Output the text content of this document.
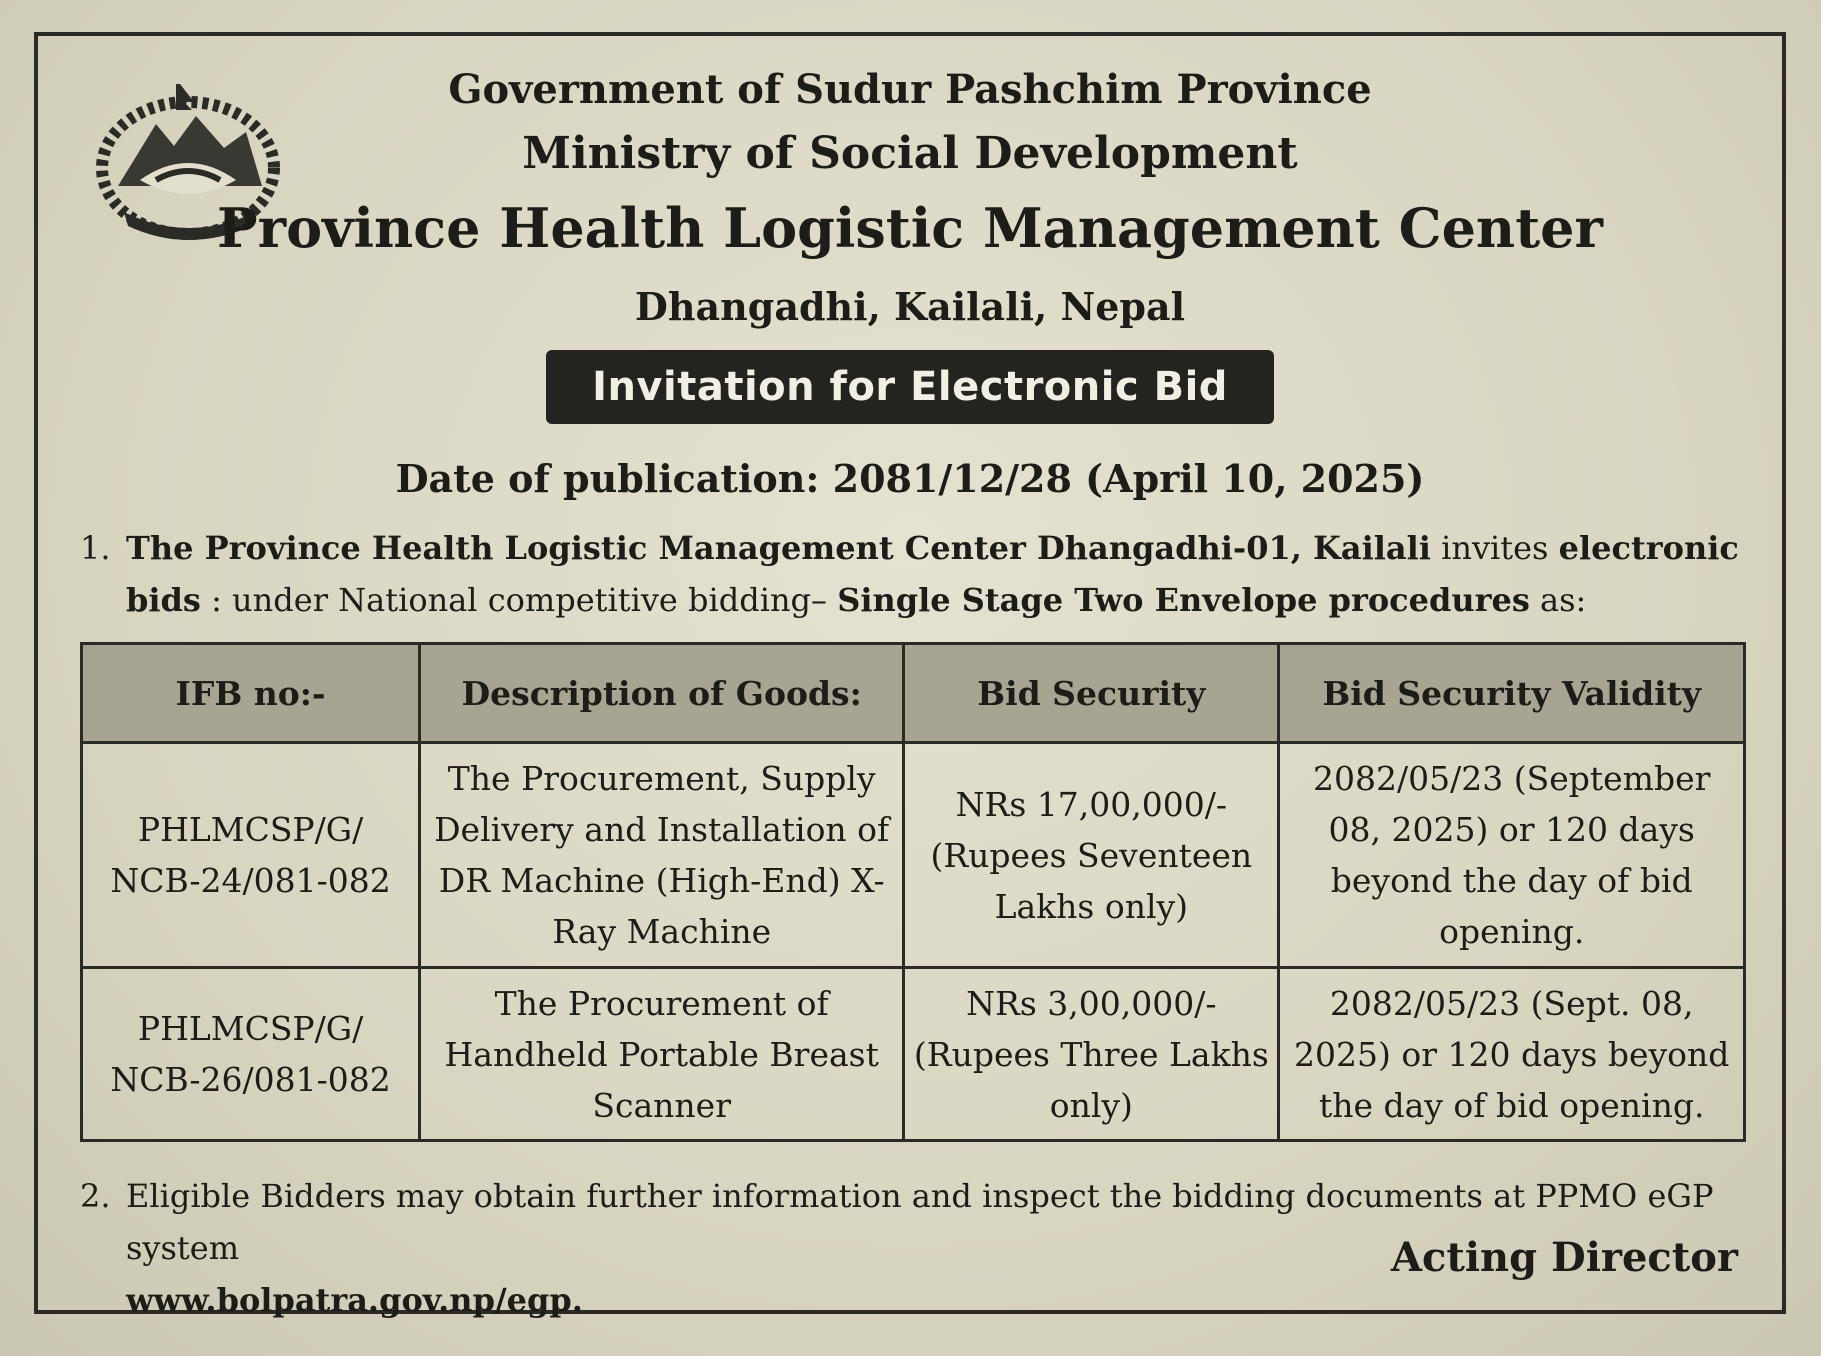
Government of Sudur Pashchim Province
Ministry of Social Development
Province Health Logistic Management Center
Dhangadhi, Kailali, Nepal
Invitation for Electronic Bid
Date of publication: 2081/12/28 (April 10, 2025)
1. The Province Health Logistic Management Center Dhangadhi-01, Kailali invites electronic bids : under National competitive bidding– Single Stage Two Envelope procedures as:
IFB no:-	Description of Goods:	Bid Security	Bid Security Validity
PHLMCSP/G/ NCB-24/081-082	The Procurement, Supply Delivery and Installation of DR Machine (High-End) X-Ray Machine	NRs 17,00,000/- (Rupees Seventeen Lakhs only)	2082/05/23 (September 08, 2025) or 120 days beyond the day of bid opening.
PHLMCSP/G/ NCB-26/081-082	The Procurement of Handheld Portable Breast Scanner	NRs 3,00,000/- (Rupees Three Lakhs only)	2082/05/23 (Sept. 08, 2025) or 120 days beyond the day of bid opening.
2. Eligible Bidders may obtain further information and inspect the bidding documents at PPMO eGP system
www.bolpatra.gov.np/egp.
Acting Director
